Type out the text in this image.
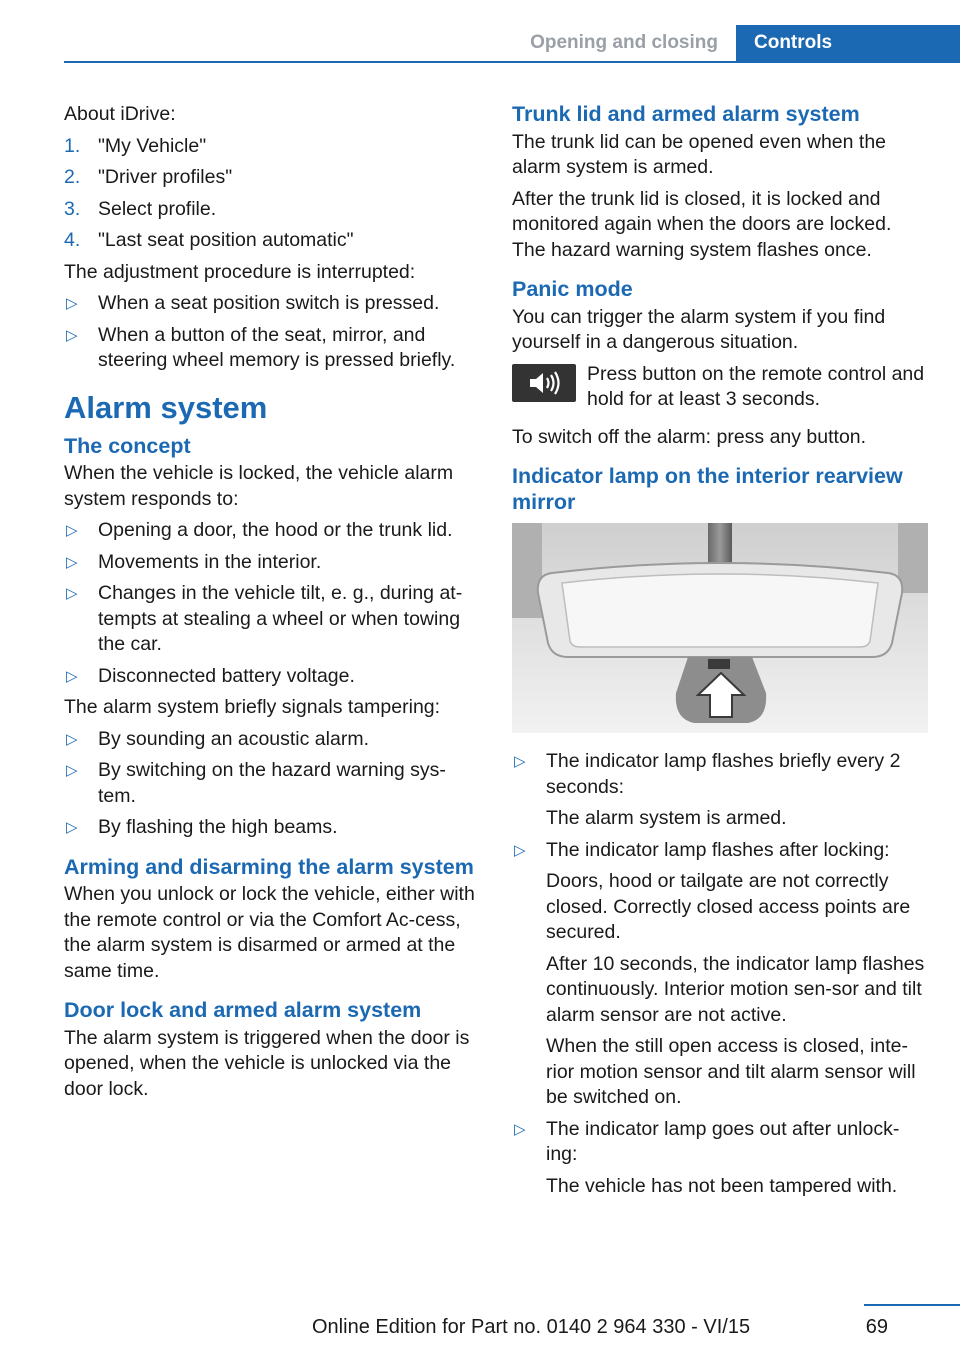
Opening and closing	Controls

About iDrive:

1. "My Vehicle"
2. "Driver profiles"
3. Select profile.
4. "Last seat position automatic"

The adjustment procedure is interrupted:

▷ When a seat position switch is pressed.
▷ When a button of the seat, mirror, and steering wheel memory is pressed briefly.
Alarm system
The concept

When the vehicle is locked, the vehicle alarm system responds to:

▷ Opening a door, the hood or the trunk lid.
▷ Movements in the interior.
▷ Changes in the vehicle tilt, e. g., during at-tempts at stealing a wheel or when towing the car.
▷ Disconnected battery voltage.

The alarm system briefly signals tampering:

▷ By sounding an acoustic alarm.
▷ By switching on the hazard warning sys-tem.
▷ By flashing the high beams.
Arming and disarming the alarm system

When you unlock or lock the vehicle, either with the remote control or via the Comfort Ac-cess, the alarm system is disarmed or armed at the same time.

Door lock and armed alarm system

The alarm system is triggered when the door is opened, when the vehicle is unlocked via the door lock.

Trunk lid and armed alarm system

The trunk lid can be opened even when the alarm system is armed.

After the trunk lid is closed, it is locked and monitored again when the doors are locked. The hazard warning system flashes once.

Panic mode

You can trigger the alarm system if you find yourself in a dangerous situation.

Press button on the remote control and hold for at least 3 seconds.

To switch off the alarm: press any button.

Indicator lamp on the interior rearview mirror
▷ The indicator lamp flashes briefly every 2 seconds:
The alarm system is armed.
▷ The indicator lamp flashes after locking:
Doors, hood or tailgate are not correctly closed. Correctly closed access points are secured.
After 10 seconds, the indicator lamp flashes continuously. Interior motion sen-sor and tilt alarm sensor are not active.
When the still open access is closed, inte-rior motion sensor and tilt alarm sensor will be switched on.
▷ The indicator lamp goes out after unlock-ing:
The vehicle has not been tampered with.
69
Online Edition for Part no. 0140 2 964 330 - VI/15
